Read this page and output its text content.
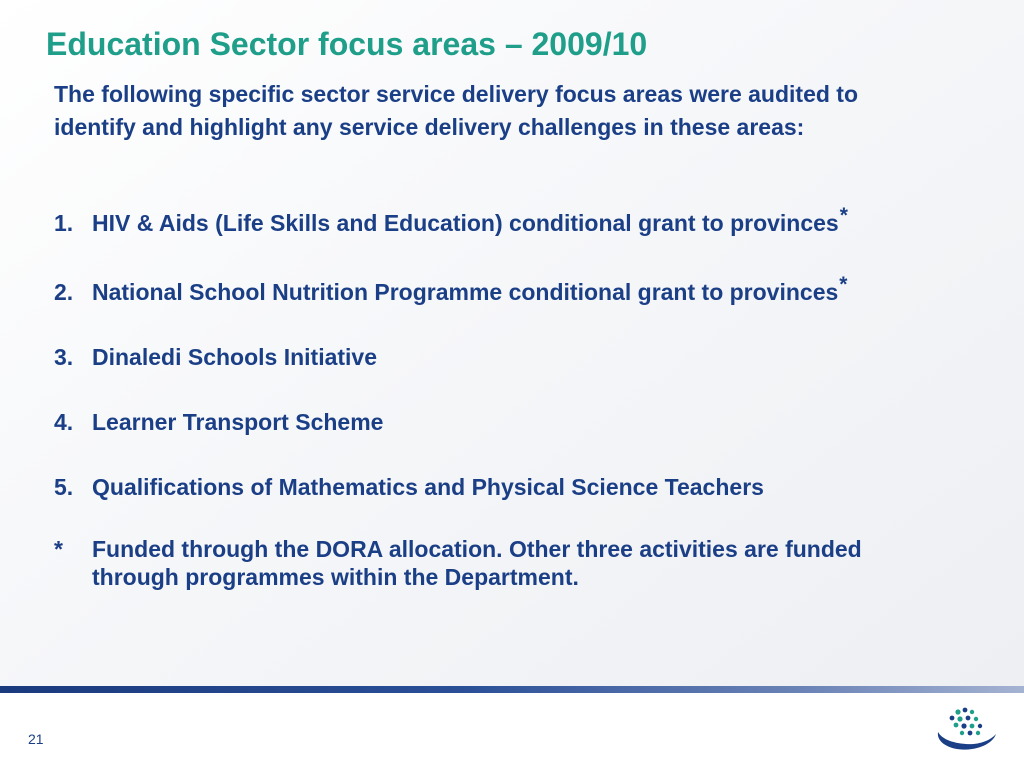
Education Sector focus areas – 2009/10

The following specific sector service delivery focus areas were audited to identify and highlight any service delivery challenges in these areas:

1. HIV & Aids (Life Skills and Education) conditional grant to provinces *
2. National School Nutrition Programme conditional grant to provinces *
3. Dinaledi Schools Initiative
4. Learner Transport Scheme
5. Qualifications of Mathematics and Physical Science Teachers
*	Funded through the DORA allocation. Other three activities are funded through programmes within the Department.
21
